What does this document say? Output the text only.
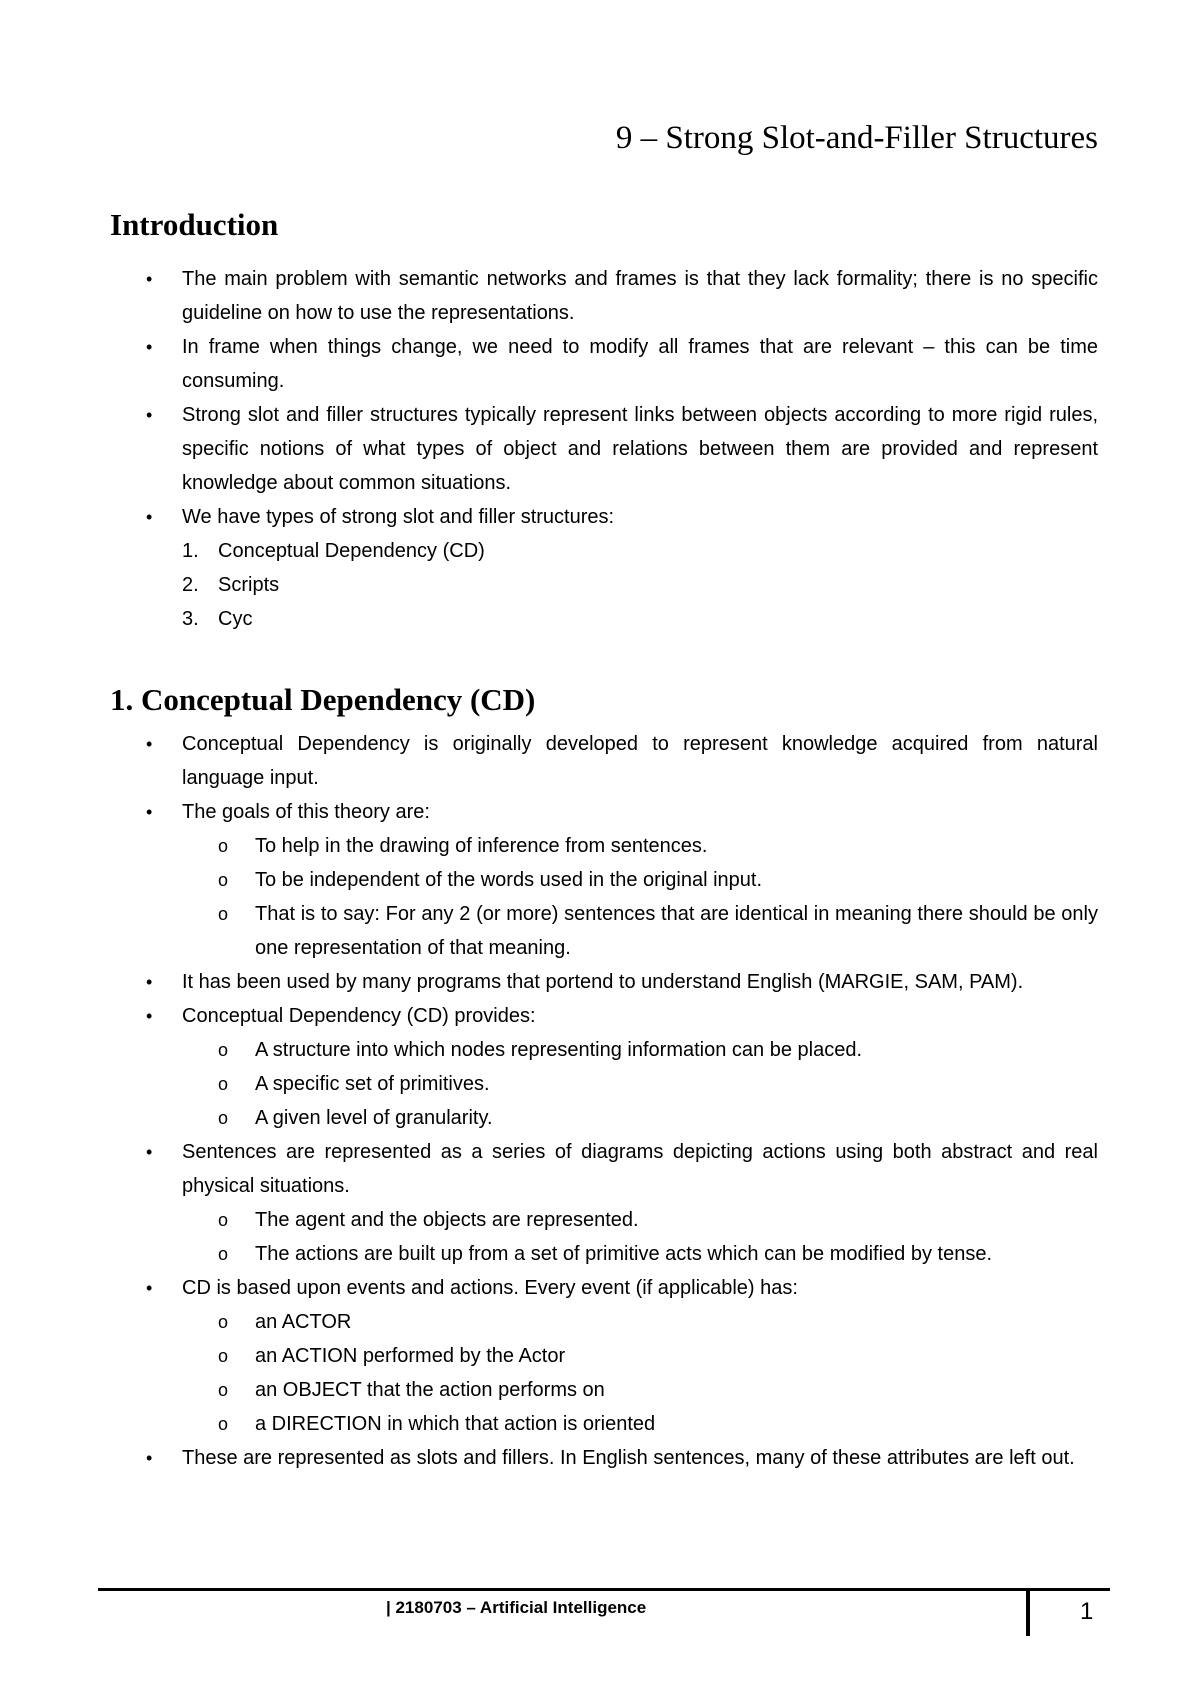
9 – Strong Slot-and-Filler Structures
Introduction
• The main problem with semantic networks and frames is that they lack formality; there is no specific guideline on how to use the representations.
• In frame when things change, we need to modify all frames that are relevant – this can be time consuming.
• Strong slot and filler structures typically represent links between objects according to more rigid rules, specific notions of what types of object and relations between them are provided and represent knowledge about common situations.
• We have types of strong slot and filler structures:
1. Conceptual Dependency (CD)
2. Scripts
3. Cyc
1. Conceptual Dependency (CD)
• Conceptual Dependency is originally developed to represent knowledge acquired from natural language input.
• The goals of this theory are:
o To help in the drawing of inference from sentences.
o To be independent of the words used in the original input.
o That is to say: For any 2 (or more) sentences that are identical in meaning there should be only one representation of that meaning.
• It has been used by many programs that portend to understand English (MARGIE, SAM, PAM).
• Conceptual Dependency (CD) provides:
o A structure into which nodes representing information can be placed.
o A specific set of primitives.
o A given level of granularity.
• Sentences are represented as a series of diagrams depicting actions using both abstract and real physical situations.
o The agent and the objects are represented.
o The actions are built up from a set of primitive acts which can be modified by tense.
• CD is based upon events and actions. Every event (if applicable) has:
o an ACTOR
o an ACTION performed by the Actor
o an OBJECT that the action performs on
o a DIRECTION in which that action is oriented
• These are represented as slots and fillers. In English sentences, many of these attributes are left out.
| 2180703 – Artificial Intelligence	1
